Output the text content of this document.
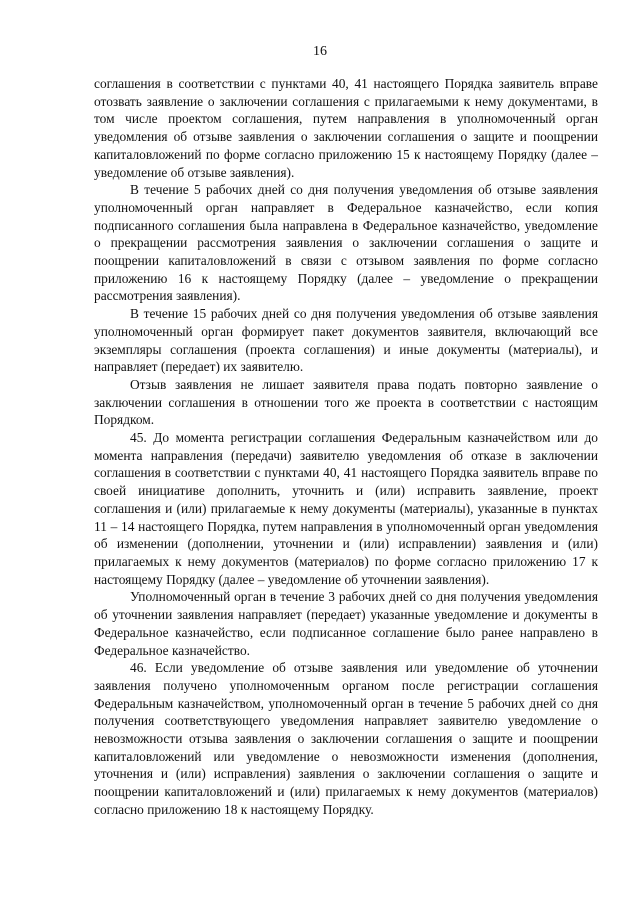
16

соглашения в соответствии с пунктами 40, 41 настоящего Порядка заявитель вправе отозвать заявление о заключении соглашения с прилагаемыми к нему документами, в том числе проектом соглашения, путем направления в уполномоченный орган уведомления об отзыве заявления о заключении соглашения о защите и поощрении капиталовложений по форме согласно приложению 15 к настоящему Порядку (далее – уведомление об отзыве заявления).

В течение 5 рабочих дней со дня получения уведомления об отзыве заявления уполномоченный орган направляет в Федеральное казначейство, если копия подписанного соглашения была направлена в Федеральное казначейство, уведомление о прекращении рассмотрения заявления о заключении соглашения о защите и поощрении капиталовложений в связи с отзывом заявления по форме согласно приложению 16 к настоящему Порядку (далее – уведомление о прекращении рассмотрения заявления).

В течение 15 рабочих дней со дня получения уведомления об отзыве заявления уполномоченный орган формирует пакет документов заявителя, включающий все экземпляры соглашения (проекта соглашения) и иные документы (материалы), и направляет (передает) их заявителю.

Отзыв заявления не лишает заявителя права подать повторно заявление о заключении соглашения в отношении того же проекта в соответствии с настоящим Порядком.

45. До момента регистрации соглашения Федеральным казначейством или до момента направления (передачи) заявителю уведомления об отказе в заключении соглашения в соответствии с пунктами 40, 41 настоящего Порядка заявитель вправе по своей инициативе дополнить, уточнить и (или) исправить заявление, проект соглашения и (или) прилагаемые к нему документы (материалы), указанные в пунктах 11 – 14 настоящего Порядка, путем направления в уполномоченный орган уведомления об изменении (дополнении, уточнении и (или) исправлении) заявления и (или) прилагаемых к нему документов (материалов) по форме согласно приложению 17 к настоящему Порядку (далее – уведомление об уточнении заявления).

Уполномоченный орган в течение 3 рабочих дней со дня получения уведомления об уточнении заявления направляет (передает) указанные уведомление и документы в Федеральное казначейство, если подписанное соглашение было ранее направлено в Федеральное казначейство.

46. Если уведомление об отзыве заявления или уведомление об уточнении заявления получено уполномоченным органом после регистрации соглашения Федеральным казначейством, уполномоченный орган в течение 5 рабочих дней со дня получения соответствующего уведомления направляет заявителю уведомление о невозможности отзыва заявления о заключении соглашения о защите и поощрении капиталовложений или уведомление о невозможности изменения (дополнения, уточнения и (или) исправления) заявления о заключении соглашения о защите и поощрении капиталовложений и (или) прилагаемых к нему документов (материалов) согласно приложению 18 к настоящему Порядку.
